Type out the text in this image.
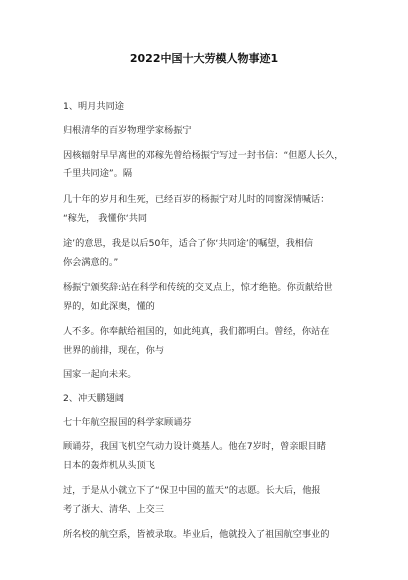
2022中国十大劳模人物事迹1
1、明月共同途
归根清华的百岁物理学家杨振宁
因核辐射早早离世的邓稼先曾给杨振宁写过一封书信：“但愿人长久，
千里共同途”。隔
几十年的岁月和生死，已经百岁的杨振宁对儿时的同窗深情喊话：
“稼先， 我懂你‘共同
途’的意思，我是以后50年，适合了你‘共同途’的嘱望，我相信
你会满意的。”
杨振宁颁奖辞:站在科学和传统的交叉点上，惊才绝艳。你贡献给世
界的，如此深奥，懂的
人不多。你奉献给祖国的，如此纯真，我们都明白。曾经，你站在
世界的前排，现在，你与
国家一起向未来。
2、冲天鹏翅阔
七十年航空报国的科学家顾诵芬
顾诵芬，我国飞机空气动力设计奠基人。他在7岁时，曾亲眼目睹
日本的轰炸机从头顶飞
过，于是从小就立下了“保卫中国的蓝天”的志愿。长大后，他报
考了浙大、清华、上交三
所名校的航空系，皆被录取。毕业后，他就投入了祖国航空事业的
